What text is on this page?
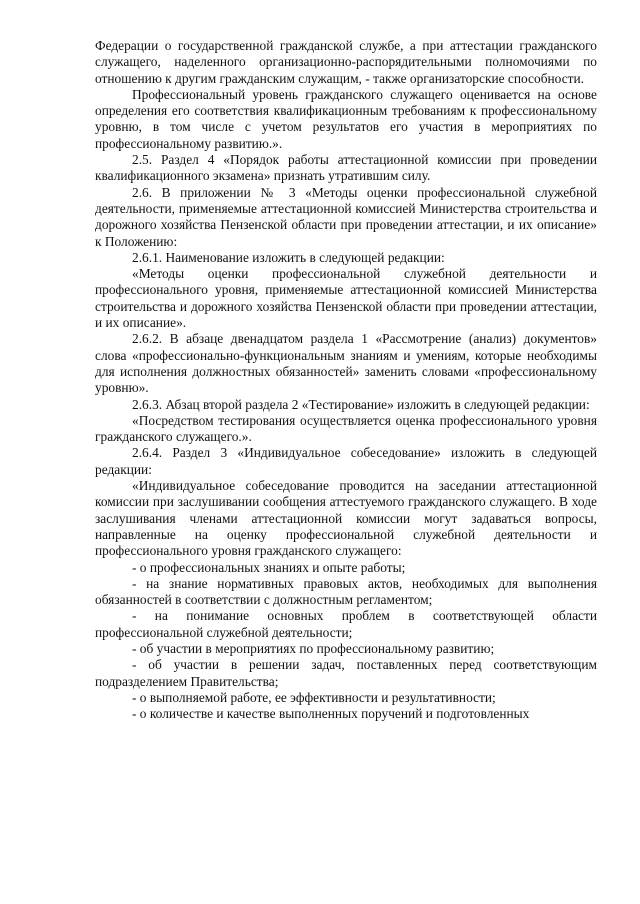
Федерации о государственной гражданской службе, а при аттестации гражданского служащего, наделенного организационно-распорядительными полномочиями по отношению к другим гражданским служащим, - также организаторские способности.

Профессиональный уровень гражданского служащего оценивается на основе определения его соответствия квалификационным требованиям к профессиональному уровню, в том числе с учетом результатов его участия в мероприятиях по профессиональному развитию.».

2.5. Раздел 4 «Порядок работы аттестационной комиссии при проведении квалификационного экзамена» признать утратившим силу.

2.6. В приложении № 3 «Методы оценки профессиональной служебной деятельности, применяемые аттестационной комиссией Министерства строительства и дорожного хозяйства Пензенской области при проведении аттестации, и их описание» к Положению:

2.6.1. Наименование изложить в следующей редакции:

«Методы оценки профессиональной служебной деятельности и профессионального уровня, применяемые аттестационной комиссией Министерства строительства и дорожного хозяйства Пензенской области при проведении аттестации, и их описание».

2.6.2. В абзаце двенадцатом раздела 1 «Рассмотрение (анализ) документов» слова «профессионально-функциональным знаниям и умениям, которые необходимы для исполнения должностных обязанностей» заменить словами «профессиональному уровню».

2.6.3. Абзац второй раздела 2 «Тестирование» изложить в следующей редакции:

«Посредством тестирования осуществляется оценка профессионального уровня гражданского служащего.».

2.6.4. Раздел 3 «Индивидуальное собеседование» изложить в следующей редакции:

«Индивидуальное собеседование проводится на заседании аттестационной комиссии при заслушивании сообщения аттестуемого гражданского служащего. В ходе заслушивания членами аттестационной комиссии могут задаваться вопросы, направленные на оценку профессиональной служебной деятельности и профессионального уровня гражданского служащего:

- о профессиональных знаниях и опыте работы;

- на знание нормативных правовых актов, необходимых для выполнения обязанностей в соответствии с должностным регламентом;

- на понимание основных проблем в соответствующей области профессиональной служебной деятельности;

- об участии в мероприятиях по профессиональному развитию;

- об участии в решении задач, поставленных перед соответствующим подразделением Правительства;

- о выполняемой работе, ее эффективности и результативности;

- о количестве и качестве выполненных поручений и подготовленных
